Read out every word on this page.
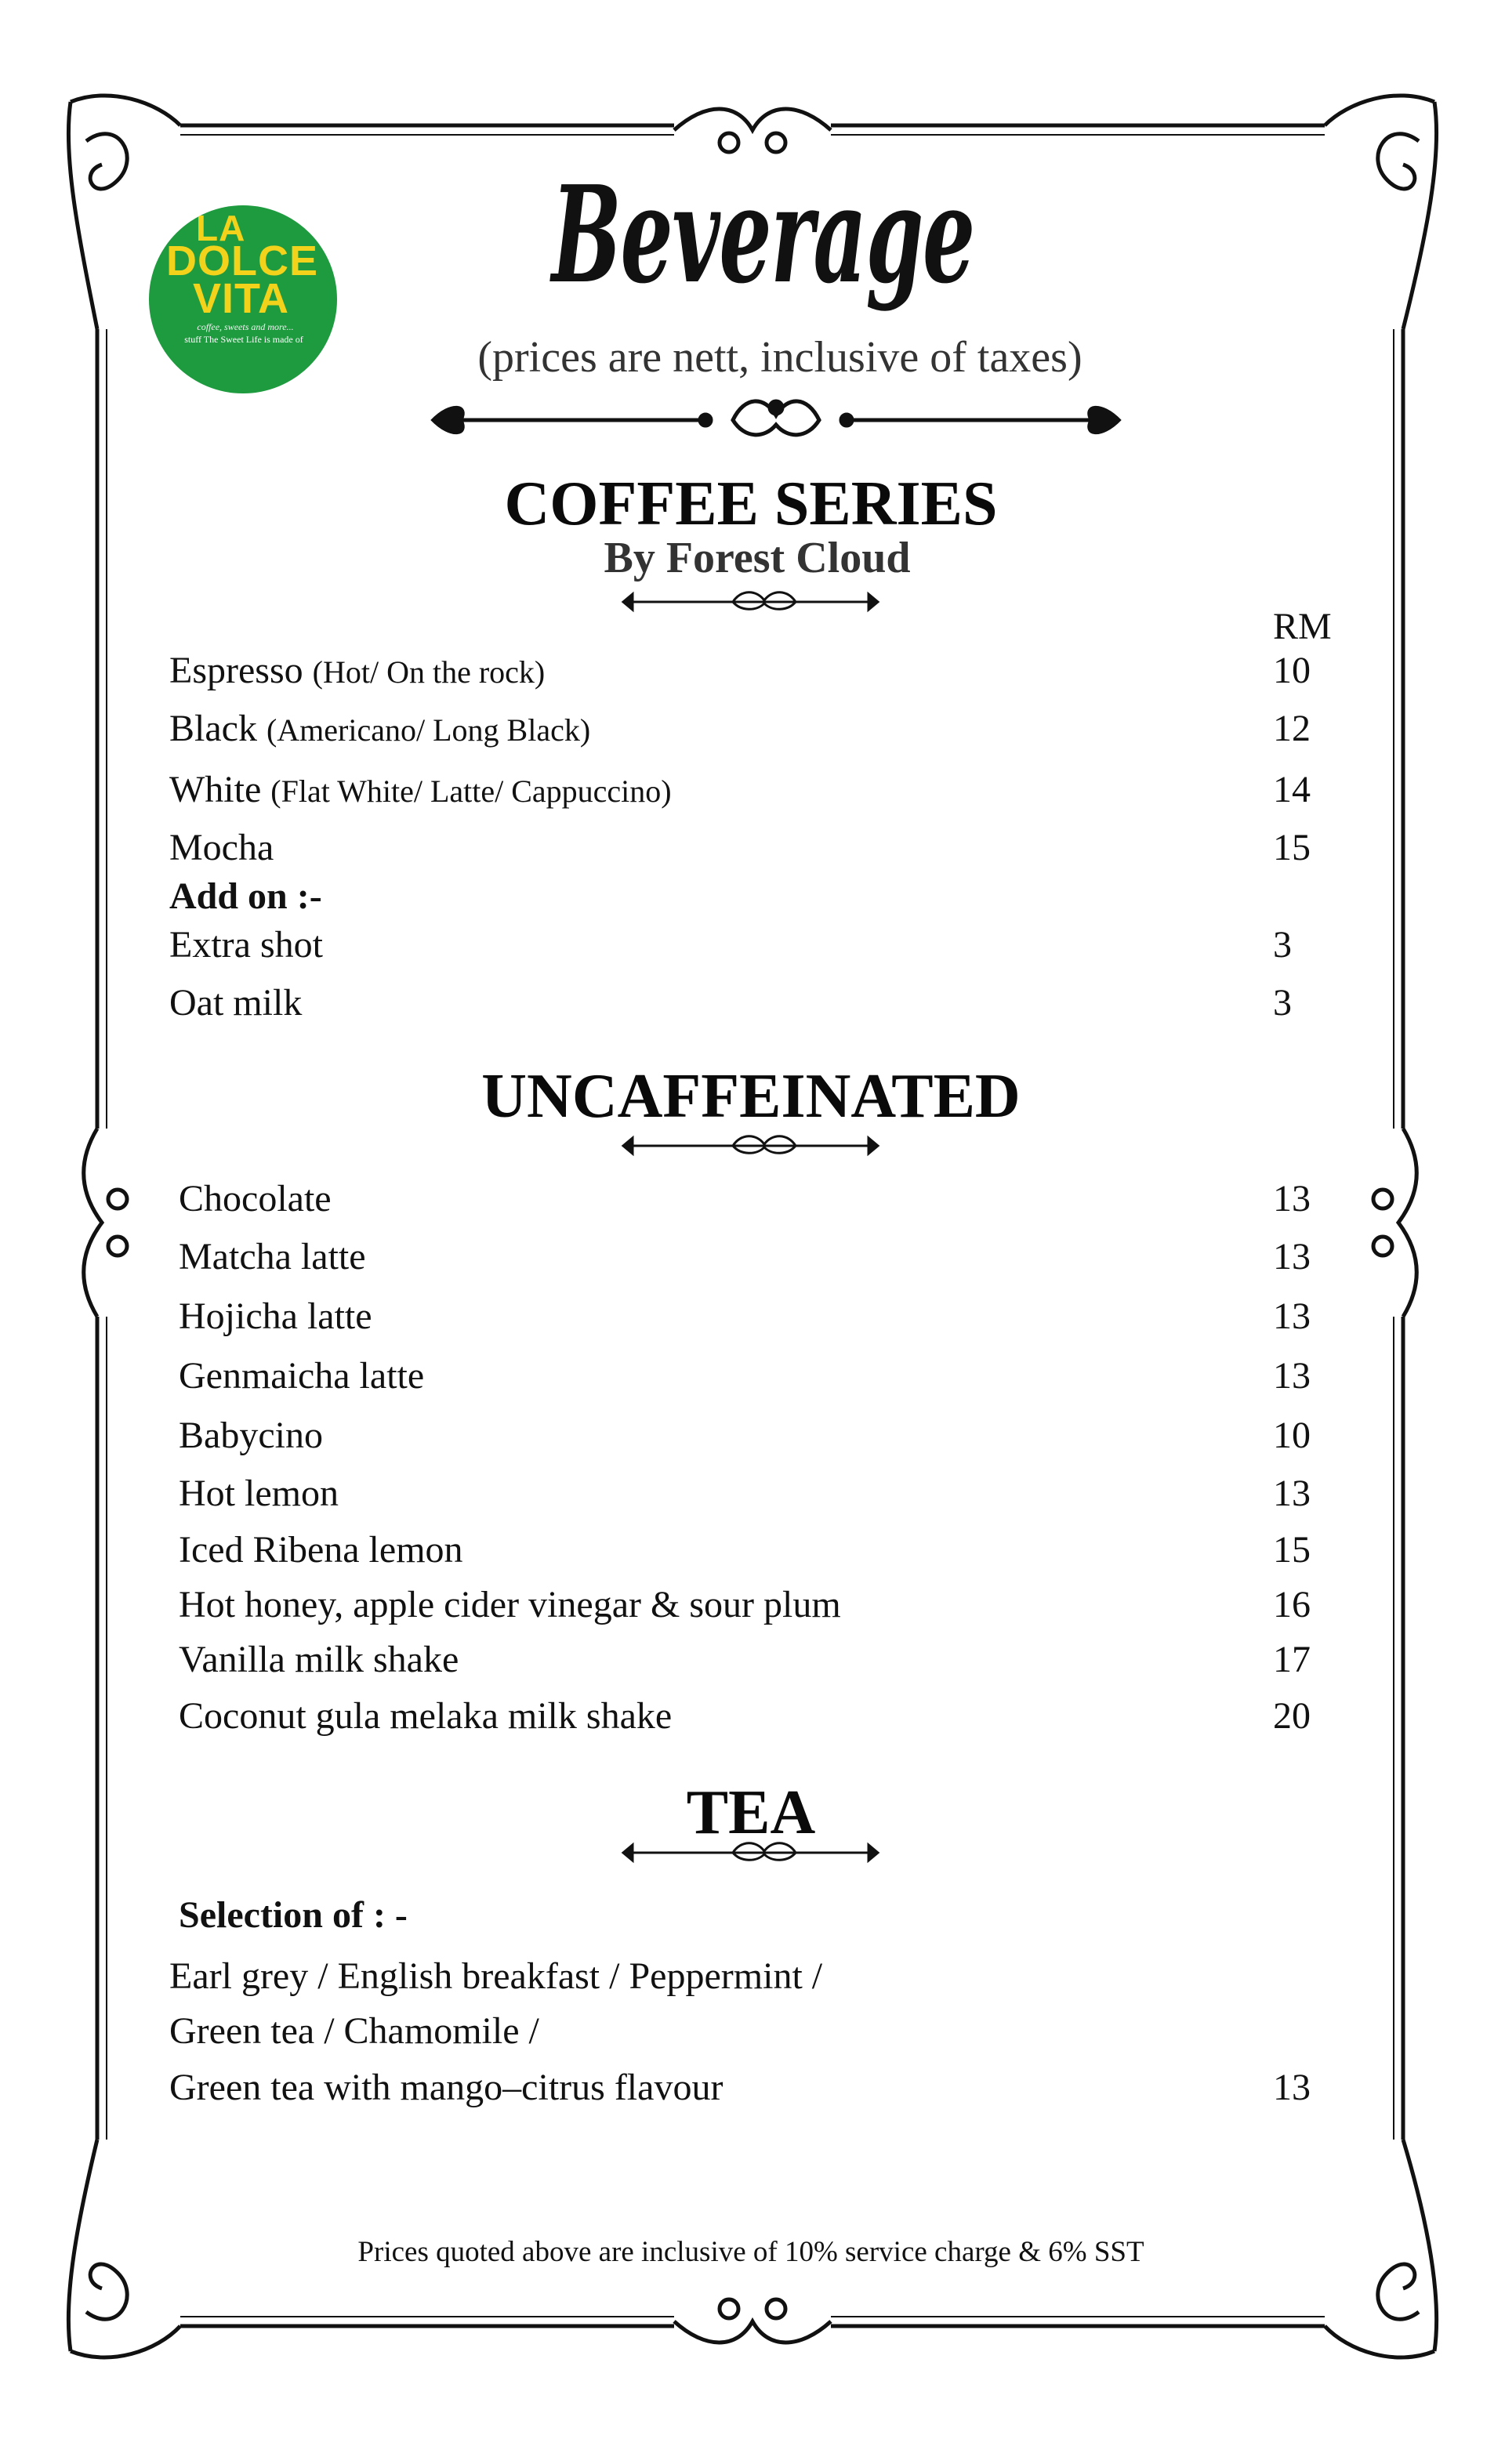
LA
DOLCE
VITA
coffee, sweets and more...
stuff The Sweet Life is made of
Beverage
(prices are nett, inclusive of taxes)
COFFEE SERIES
By Forest Cloud
RM
Espresso (Hot/ On the rock)	10
Black (Americano/ Long Black)	12
White (Flat White/ Latte/ Cappuccino)	14
Mocha	15
Add on :-
Extra shot	3
Oat milk	3
UNCAFFEINATED
Chocolate	13
Matcha latte	13
Hojicha latte	13
Genmaicha latte	13
Babycino	10
Hot lemon	13
Iced Ribena lemon	15
Hot honey, apple cider vinegar & sour plum	16
Vanilla milk shake	17
Coconut gula melaka milk shake	20
TEA
Selection of : -
Earl grey / English breakfast / Peppermint /
Green tea / Chamomile /
Green tea with mango–citrus flavour	13
Prices quoted above are inclusive of 10% service charge & 6% SST
